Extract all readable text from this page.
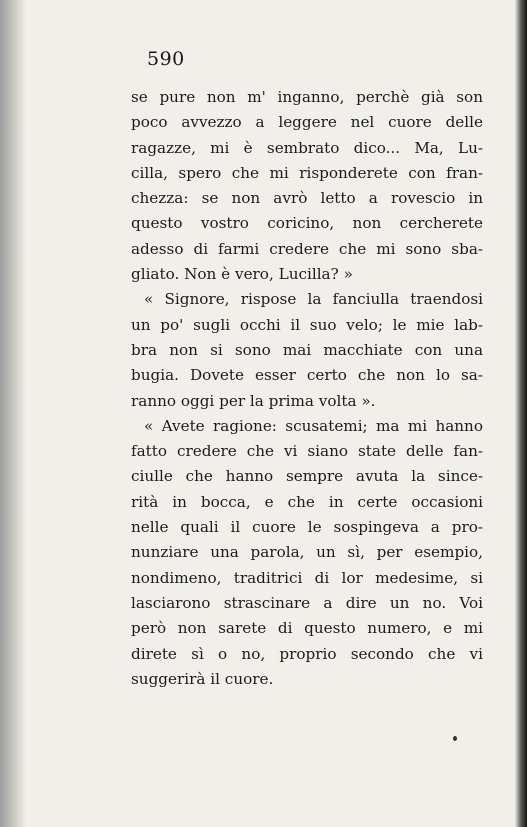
590
se pure non m' inganno, perchè già son
poco avvezzo a leggere nel cuore delle
ragazze, mi è sembrato dico... Ma, Lu-
cilla, spero che mi risponderete con fran-
chezza: se non avrò letto a rovescio in
questo vostro coricino, non cercherete
adesso di farmi credere che mi sono sba-
gliato. Non è vero, Lucilla? »
« Signore, rispose la fanciulla traendosi
un po' sugli occhi il suo velo; le mie lab-
bra non si sono mai macchiate con una
bugia. Dovete esser certo che non lo sa-
ranno oggi per la prima volta ».
« Avete ragione: scusatemi; ma mi hanno
fatto credere che vi siano state delle fan-
ciulle che hanno sempre avuta la since-
rità in bocca, e che in certe occasioni
nelle quali il cuore le sospingeva a pro-
nunziare una parola, un sì, per esempio,
nondimeno, traditrici di lor medesime, si
lasciarono strascinare a dire un no. Voi
però non sarete di questo numero, e mi
direte sì o no, proprio secondo che vi
suggerirà il cuore.
